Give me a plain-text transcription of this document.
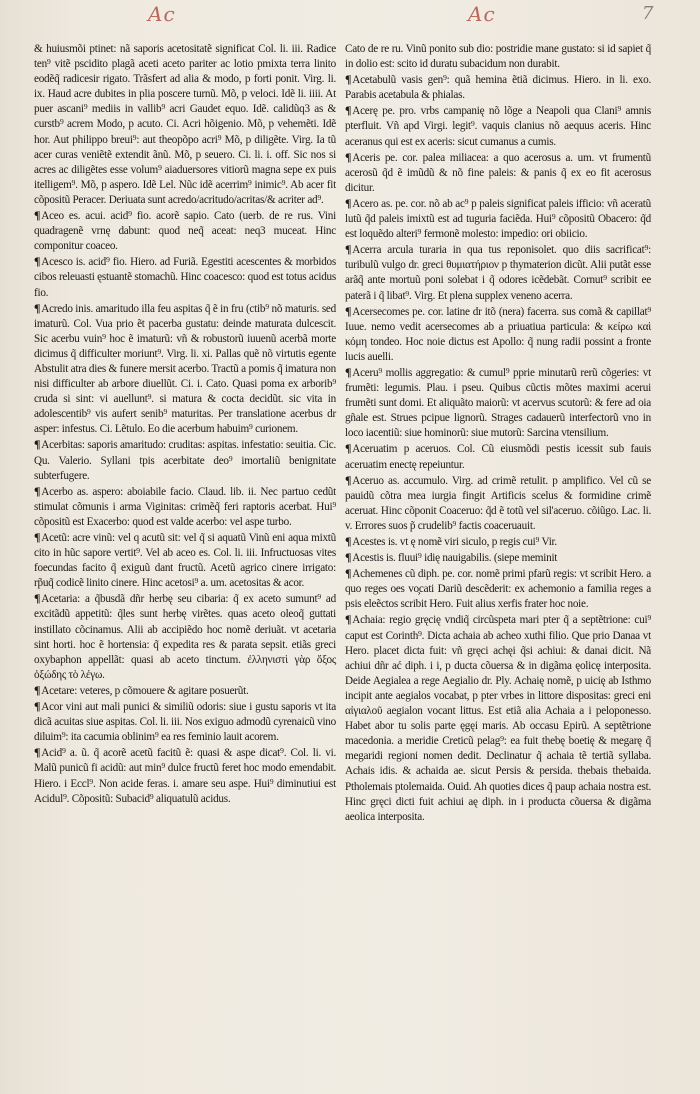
Ac	Ac	7

& huiusmõi ptinet: nã saporis acetositatẽ significat Col. li. iii. Radice ten⁹ vitẽ pscidito plagã aceti aceto pariter ac lotio pmixta terra linito eodẽq̃ radicesir rigato. Trãsfert ad alia & modo, p forti ponit. Virg. li. ix. Haud acre dubites in plia poscere turnũ. Mõ, p veloci. Idẽ li. iiii. At puer ascani⁹ mediis in vallib⁹ acri Gaudet equo. Idẽ. calidũq3 as & curstb⁹ acrem Modo, p acuto. Ci. Acri hõigenio. Mõ, p vehemẽti. Idẽ hor. Aut philippo breui⁹: aut theopõpo acri⁹ Mõ, p diligẽte. Virg. Ia tũ acer curas veniẽtẽ extendit ãnũ. Mõ, p seuero. Ci. li. i. off. Sic nos si acres ac diligẽtes esse volum⁹ aiaduersores vitiorũ magna sepe ex puis itelligem⁹. Mõ, p aspero. Idẽ Lel. Nũc idẽ acerrim⁹ inimic⁹. Ab acer fit cõpositũ Peracer. Deriuata sunt acredo/acritudo/acritas/& acriter ad⁹.

¶Aceo es. acui. acid⁹ fio. acorẽ sapio. Cato (uerb. de re rus. Vini quadragenẽ vrnę dabunt: quod neq̃ aceat: neq3 muceat. Hinc componitur coaceo.

¶Acesco is. acid⁹ fio. Hiero. ad Furiã. Egestiti acescentes & morbidos cibos releuasti ęstuantẽ stomachũ. Hinc coacesco: quod est totus acidus fio.

¶Acredo inis. amaritudo illa feu aspitas q̃ ẽ in fru (ctib⁹ nõ maturis. sed imaturũ. Col. Vua prio ẽt pacerba gustatu: deinde maturata dulcescit. Sic acerbu vuin⁹ hoc ẽ imaturũ: vñ & robustorũ iuuenũ acerbã morte dicimus q̃ difficulter moriunt⁹. Virg. li. xi. Pallas quẽ nõ virtutis egente Abstulit atra dies & funere mersit acerbo. Tractũ a pomis q̃ imatura non nisi difficulter ab arbore diuellũt. Ci. i. Cato. Quasi poma ex arborib⁹ cruda si sint: vi auellunt⁹. si matura & cocta decidũt. sic vita in adolescentib⁹ vis aufert senib⁹ maturitas. Per translatione acerbus dr asper: infestus. Ci. Lẽtulo. Eo die acerbum habuim⁹ curionem.

¶Acerbitas: saporis amaritudo: cruditas: aspitas. infestatio: seuitia. Cic. Qu. Valerio. Syllani tpis acerbitate deo⁹ imortaliũ benignitate subterfugere.

¶Acerbo as. aspero: aboiabile facio. Claud. lib. ii. Nec partuo cedũt stimulat cõmunis i arma Viginitas: crimẽq̃ feri raptoris acerbat. Hui⁹ cõpositũ est Exacerbo: quod est valde acerbo: vel aspe turbo.

¶Acetũ: acre vinũ: vel q acutũ sit: vel q̃ si aquatũ Vinũ eni aqua mixtũ cito in hũc sapore vertit⁹. Vel ab aceo es. Col. li. iii. Infructuosas vites foecundas facito q̃ exiguũ dant fructũ. Acetũ agrico cinere irrigato: rp̃uq̃ codicẽ linito cinere. Hinc acetosi⁹ a. um. acetositas & acor.

¶Acetaria: a q̃busdã dñr herbę seu cibaria: q̃ ex aceto sumunt⁹ ad excitãdũ appetitũ: q̃les sunt herbę virẽtes. quas aceto oleoq̃ guttati instillato cõcinamus. Alii ab accipiẽdo hoc nomẽ deriuãt. vt acetaria sint horti. hoc ẽ hortensia: q̃ expedita res & parata sepsit. etiãs greci oxybaphon appellãt: quasi ab aceto tinctum. ἐλληνιστὶ γὰρ ὄξος ὀξώδης τὸ λέγω.

¶Acetare: veteres, p cõmouere & agitare posuerũt.

¶Acor vini aut mali punici & similiũ odoris: siue i gustu saporis vt ita dicã acuitas siue aspitas. Col. li. iii. Nos exiguo admodũ cyrenaicũ vino diluim⁹: ita cacumia oblinim⁹ ea res feminio lauit acorem.

¶Acid⁹ a. ũ. q̃ acorẽ acetũ facitũ ẽ: quasi & aspe dicat⁹. Col. li. vi. Malũ punicũ fi acidũ: aut min⁹ dulce fructũ feret hoc modo emendabit. Hiero. i Eccl⁹. Non acide feras. i. amare seu aspe. Hui⁹ diminutiui est Acidul⁹. Cõpositũ: Subacid⁹ aliquatulũ acidus.

Cato de re ru. Vinũ ponito sub dio: postridie mane gustato: si id sapiet q̃ in dolio est: scito id duratu subacidum non durabit.

¶Acetabulũ vasis gen⁹: quã hemina ẽtiã dicimus. Hiero. in li. exo. Parabis acetabula & phialas.

¶Acerę pe. pro. vrbs campanię nõ lõge a Neapoli qua Clani⁹ amnis pterfluit. Vñ apd Virgi. legit⁹. vaquis clanius nõ aequus aceris. Hinc aceranus qui est ex aceris: sicut cumanus a cumis.

¶Aceris pe. cor. palea miliacea: a quo acerosus a. um. vt frumentũ acerosũ q̃d ẽ imũdũ & nõ fine paleis: & panis q̃ ex eo fit acerosus dicitur.

¶Acero as. pe. cor. nõ ab ac⁹ p paleis significat paleis ifficio: vñ aceratũ lutũ q̃d paleis imixtũ est ad tuguria faciẽda. Hui⁹ cõpositũ Obacero: q̃d est loquẽdo alteri⁹ fermonẽ molesto: impedio: ori obiicio.

¶Acerra arcula turaria in qua tus reponisolet. quo diis sacrificat⁹: turibulũ vulgo dr. greci θυμιατήριον p thymaterion dicũt. Alii putãt esse arãq̃ ante mortuũ poni solebat i q̃ odores icẽdebãt. Cornut⁹ scribit ee paterã i q̃ libat⁹. Virg. Et plena supplex veneno acerra.

¶Acersecomes pe. cor. latine dr itõ (nera) facerra. sus comã & capillat⁹ Iuue. nemo vedit acersecomes ab a priuatiua particula: & κείρω καὶ κόμη tondeo. Hoc noie dictus est Apollo: q̃ nung radii possint a fronte lucis auelli.

¶Aceru⁹ mollis aggregatio: & cumul⁹ pprie minutarũ rerũ cõgeries: vt frumẽti: legumis. Plau. i pseu. Quibus cũctis mõtes maximi acerui frumẽti sunt domi. Et aliquãto maiorũ: vt acervus scutorũ: & fere ad oia gñale est. Strues pcipue lignorũ. Strages cadauerũ interfectorũ vno in loco iacentiũ: siue hominorũ: siue mutorũ: Sarcina vtensilium.

¶Aceruatim p aceruos. Col. Cũ eiusmõdi pestis icessit sub fauis aceruatim enectę repeiuntur.

¶Aceruo as. accumulo. Virg. ad crimẽ retulit. p amplifico. Vel cũ se pauidũ cõtra mea iurgia fingit Artificis scelus & formidine crimẽ aceruat. Hinc cõponit Coaceruo: q̃d ẽ totũ vel sil'aceruo. cõiũgo. Lac. li. v. Errores suos p̃ crudelib⁹ factis coaceruauit.

¶Acestes is. vt ę nomẽ viri siculo, p regis cui⁹ Vir.

¶Acestis is. fluui⁹ idię nauigabilis. (siepe meminit

¶Achemenes cũ diph. pe. cor. nomẽ primi pfarũ regis: vt scribit Hero. a quo reges oes vo̧cati Dariũ descẽderit: ex achemonio a familia reges a psis eleẽctos scribit Hero. Fuit alius xerfis frater hoc noie.

¶Achaia: regio gręcię vndiq̃ circũspeta mari pter q̃ a septẽtrione: cui⁹ caput est Corinth⁹. Dicta achaia ab acheo xuthi filio. Que prio Danaa vt Hero. placet dicta fuit: vñ gręci achęi q̃si achiui: & danai dicit. Nã achiui dñr ać diph. i i, p ducta cõuersa & in digãma ęolicę interposita. Deide Aegialea a rege Aegialio dr. Ply. Achaię nomẽ, p uicię ab Isthmo incipit ante aegialos vocabat, p pter vrbes in littore dispositas: greci eni αἰγιαλοῦ aegialon vocant littus. Est etiã alia Achaia a i peloponesso. Habet abor tu solis parte ęgęi maris. Ab occasu Epirũ. A septẽtrione macedonia. a meridie Creticũ pelag⁹: ea fuit thebę boetię & megarę q̃ megaridi regioni nomen dedit. Declinatur q̃ achaia tẽ tertiã syllaba. Achais idis. & achaida ae. sicut Persis & persida. thebais thebaida. Ptholemais ptolemaida. Ouid. Ah quoties dices q̃ paup achaia nostra est. Hinc gręci dicti fuit achiui aę diph. in i producta cõuersa & digãma aeolica interposita.
